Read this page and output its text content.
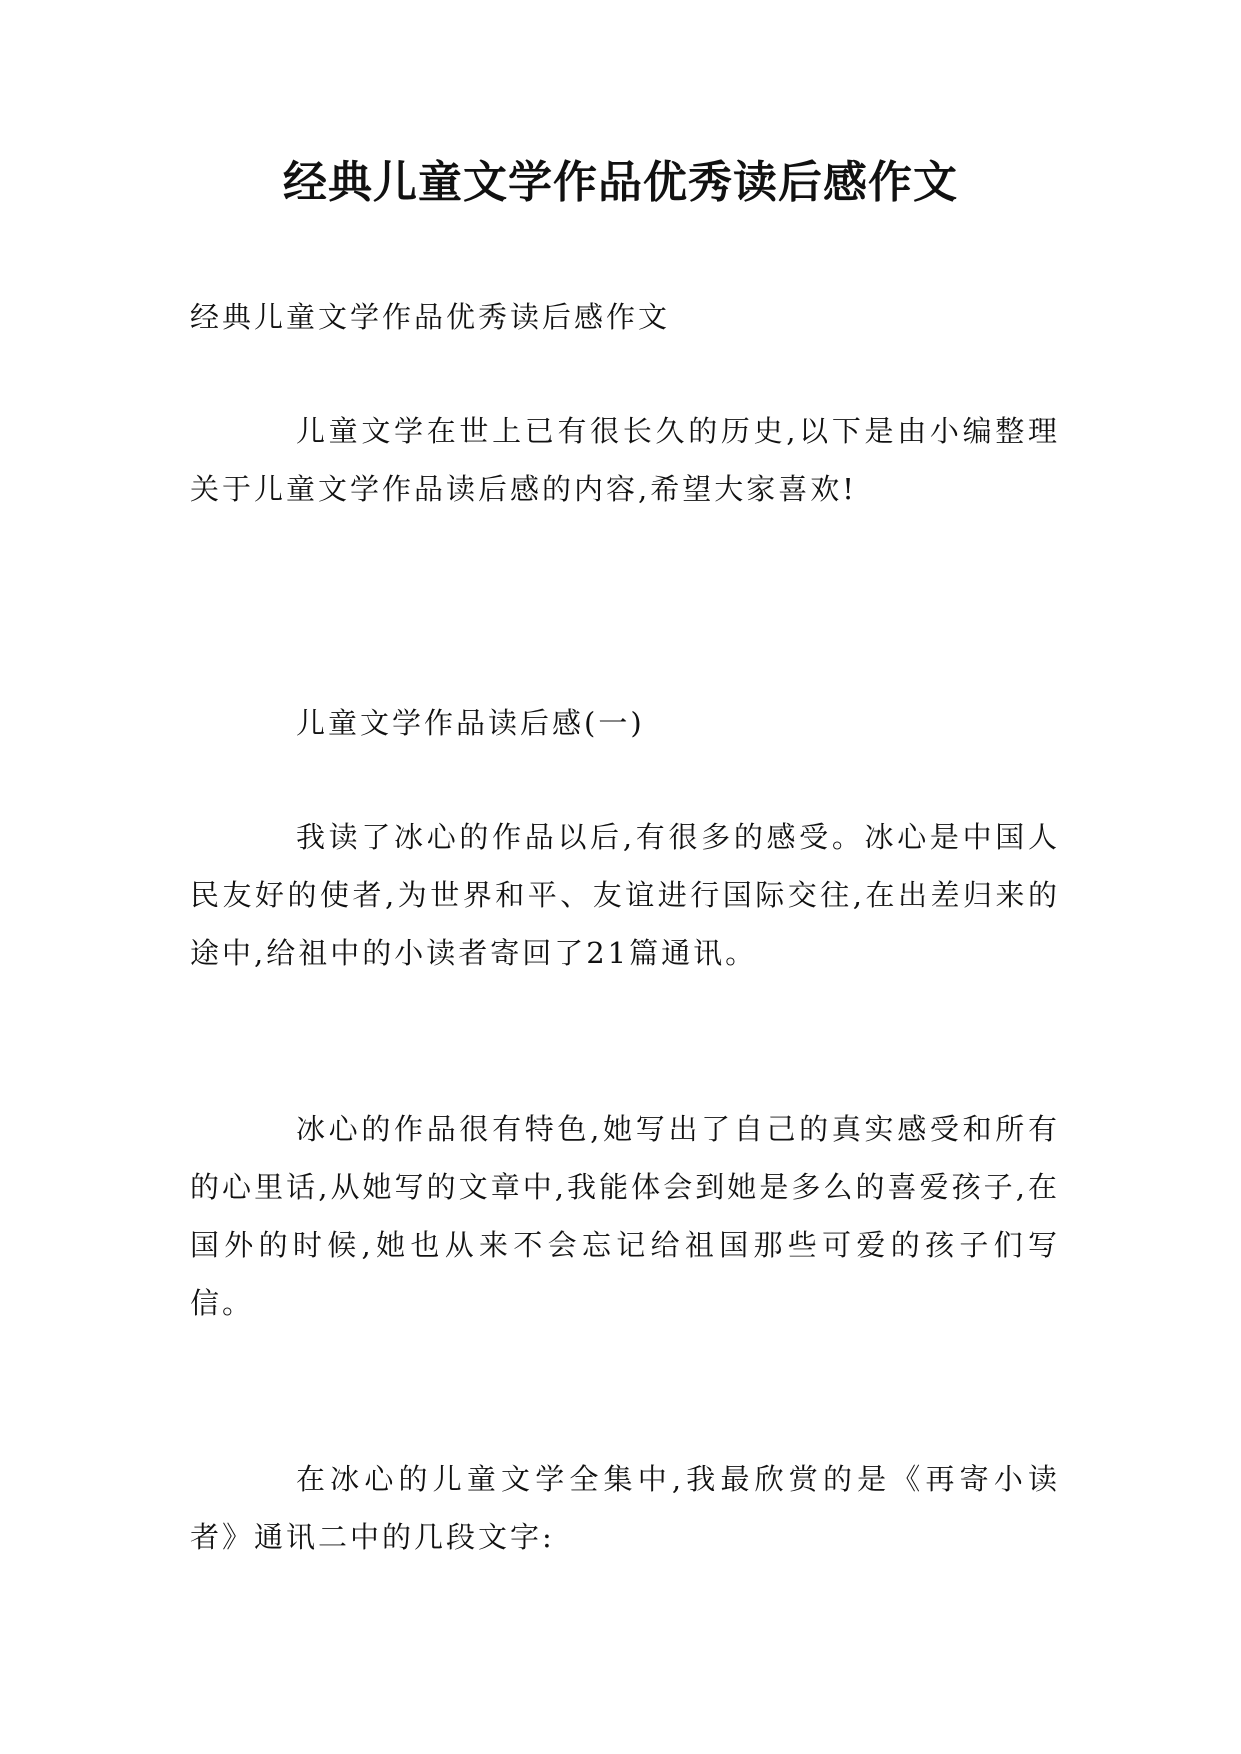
经典儿童文学作品优秀读后感作文

经典儿童文学作品优秀读后感作文

儿童文学在世上已有很长久的历史,以下是由小编整理关于儿童文学作品读后感的内容,希望大家喜欢!

儿童文学作品读后感(一)

我读了冰心的作品以后,有很多的感受。冰心是中国人民友好的使者,为世界和平、友谊进行国际交往,在出差归来的途中,给祖中的小读者寄回了21篇通讯。

冰心的作品很有特色,她写出了自己的真实感受和所有的心里话,从她写的文章中,我能体会到她是多么的喜爱孩子,在国外的时候,她也从来不会忘记给祖国那些可爱的孩子们写信。

在冰心的儿童文学全集中,我最欣赏的是《再寄小读者》通讯二中的几段文字:
